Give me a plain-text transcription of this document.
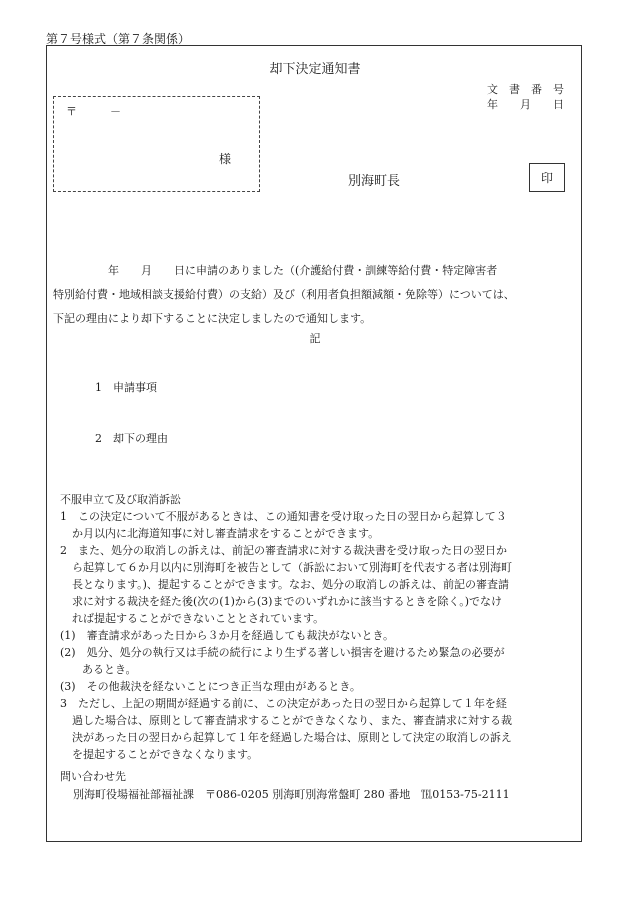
第７号様式（第７条関係）
却下決定通知書
文　書　番　号
年　　月　　日
〒　　　－
様
別海町長	印
　　　　　年　　月　　日に申請のありました（(介護給付費・訓練等給付費・特定障害者
特別給付費・地域相談支援給付費）の支給）及び（利用者負担額減額・免除等）については、
下記の理由により却下することに決定しましたので通知します。
記
1　申請事項
2　却下の理由
不服申立て及び取消訴訟
1　この決定について不服があるときは、この通知書を受け取った日の翌日から起算して３
か月以内に北海道知事に対し審査請求をすることができます。
2　また、処分の取消しの訴えは、前記の審査請求に対する裁決書を受け取った日の翌日か
ら起算して６か月以内に別海町を被告として（訴訟において別海町を代表する者は別海町
長となります。)、提起することができます。なお、処分の取消しの訴えは、前記の審査請
求に対する裁決を経た後(次の(1)から(3)までのいずれかに該当するときを除く。)でなけ
れば提起することができないこととされています。
(1)　審査請求があった日から３か月を経過しても裁決がないとき。
(2)　処分、処分の執行又は手続の続行により生ずる著しい損害を避けるため緊急の必要が
　　あるとき。
(3)　その他裁決を経ないことにつき正当な理由があるとき。
3　ただし、上記の期間が経過する前に、この決定があった日の翌日から起算して１年を経
過した場合は、原則として審査請求することができなくなり、また、審査請求に対する裁
決があった日の翌日から起算して１年を経過した場合は、原則として決定の取消しの訴え
を提起することができなくなります。
問い合わせ先
別海町役場福祉部福祉課　〒086-0205 別海町別海常盤町 280 番地　℡0153-75-2111
